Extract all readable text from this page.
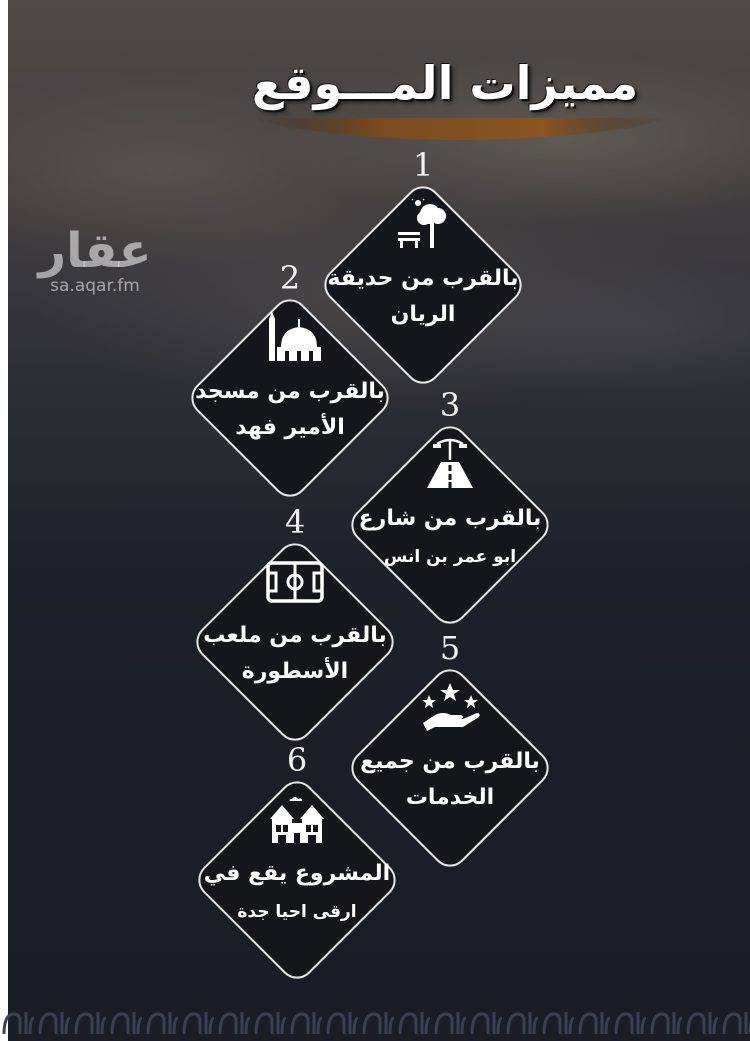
مميزات المـــوقع
عقار
sa.aqar.fm
1
بالقرب من حديقة
الريان
2
بالقرب من مسجد
الأمير فهد
3
بالقرب من شارع
ابو عمر بن انس
4
بالقرب من ملعب
الأسطورة
5
بالقرب من جميع
الخدمات
6
المشروع يقع في
ارقى احيا جدة
